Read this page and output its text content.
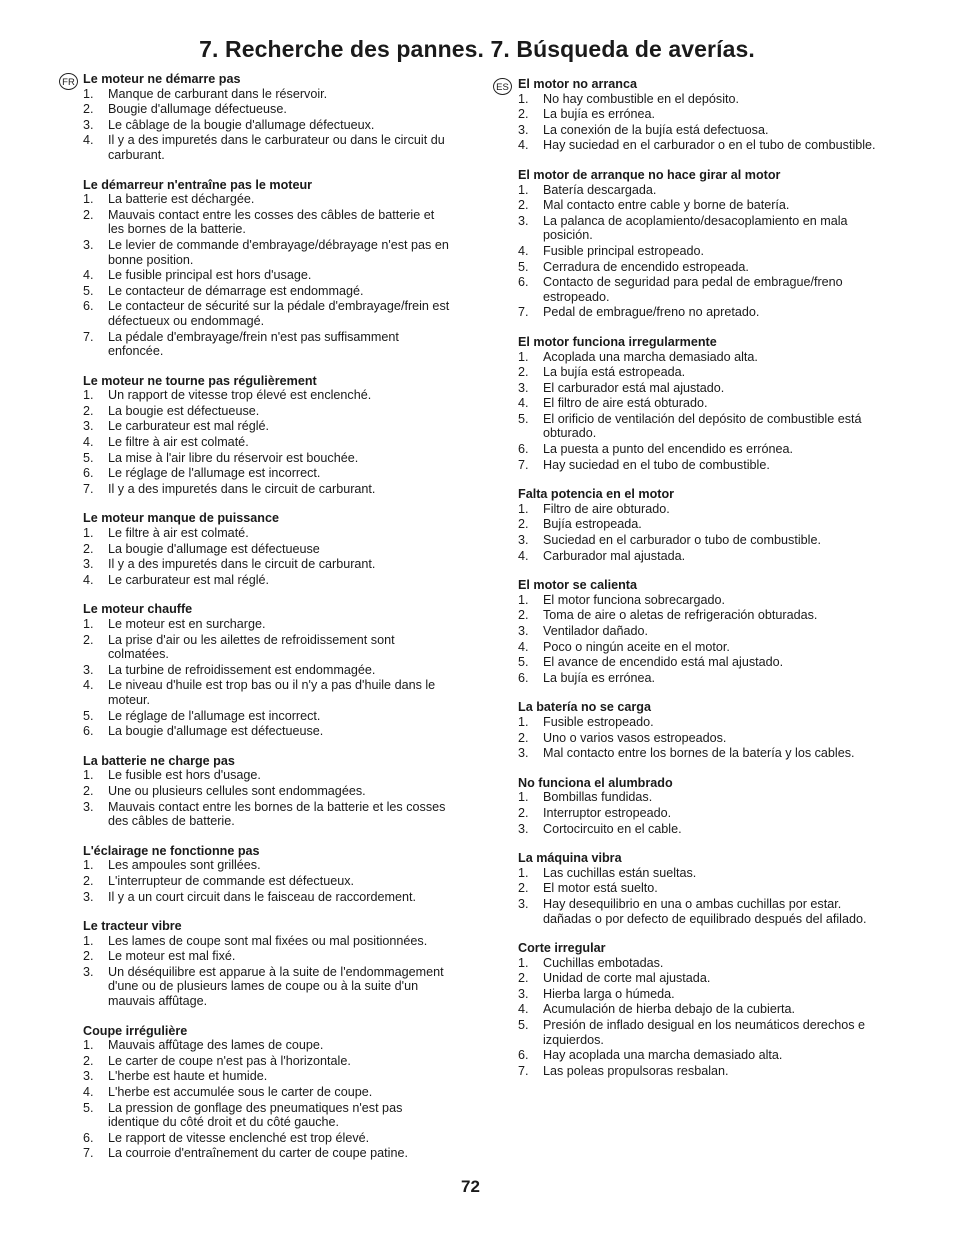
7. Recherche des pannes. 7. Búsqueda de averías.
FR Le moteur ne démarre pas
1.	Manque de carburant dans le réservoir.
2.	Bougie d'allumage défectueuse.
3.	Le câblage de la bougie d'allumage défectueux.
4.	Il y a des impuretés dans le carburateur ou dans le circuit du carburant.
Le démarreur n'entraîne pas le moteur
1.	La batterie est déchargée.
2.	Mauvais contact entre les cosses des câbles de batterie et les bornes de la batterie.
3.	Le levier de commande d'embrayage/débrayage n'est pas en bonne position.
4.	Le fusible principal est hors d'usage.
5.	Le contacteur de démarrage est endommagé.
6.	Le contacteur de sécurité sur la pédale d'embrayage/frein est défectueux ou endommagé.
7.	La pédale d'embrayage/frein n'est pas suffisamment enfoncée.
Le moteur ne tourne pas régulièrement
1.	Un rapport de vitesse trop élevé est enclenché.
2.	La bougie est défectueuse.
3.	Le carburateur est mal réglé.
4.	Le filtre à air est colmaté.
5.	La mise à l'air libre du réservoir est bouchée.
6.	Le réglage de l'allumage est incorrect.
7.	Il y a des impuretés dans le circuit de carburant.
Le moteur manque de puissance
1.	Le filtre à air est colmaté.
2.	La bougie d'allumage est défectueuse
3.	Il y a des impuretés dans le circuit de carburant.
4.	Le carburateur est mal réglé.
Le moteur chauffe
1.	Le moteur est en surcharge.
2.	La prise d'air ou les ailettes de refroidissement sont colmatées.
3.	La turbine de refroidissement est endommagée.
4.	Le niveau d'huile est trop bas ou il n'y a pas d'huile dans le moteur.
5.	Le réglage de l'allumage est incorrect.
6.	La bougie d'allumage est défectueuse.
La batterie ne charge pas
1.	Le fusible est hors d'usage.
2.	Une ou plusieurs cellules sont endommagées.
3.	Mauvais contact entre les bornes de la batterie et les cosses des câbles de batterie.
L'éclairage ne fonctionne pas
1.	Les ampoules sont grillées.
2.	L'interrupteur de commande est défectueux.
3.	Il y a un court circuit dans le faisceau de raccordement.
Le tracteur vibre
1.	Les lames de coupe sont mal fixées ou mal positionnées.
2.	Le moteur est mal fixé.
3.	Un déséquilibre est apparue à la suite de l'endommagement d'une ou de plusieurs lames de coupe ou à la suite d'un mauvais affûtage.
Coupe irrégulière
1.	Mauvais affûtage des lames de coupe.
2.	Le carter de coupe n'est pas à l'horizontale.
3.	L'herbe est haute et humide.
4.	L'herbe est accumulée sous le carter de coupe.
5.	La pression de gonflage des pneumatiques n'est pas identique du côté droit et du côté gauche.
6.	Le rapport de vitesse enclenché est trop élevé.
7.	La courroie d'entraînement du carter de coupe patine.
ES El motor no arranca
1.	No hay combustible en el depósito.
2.	La bujía es errónea.
3.	La conexión de la bujía está defectuosa.
4.	Hay suciedad en el carburador o en el tubo de combustible.
El motor de arranque no hace girar al motor
1.	Batería descargada.
2.	Mal contacto entre cable y borne de batería.
3.	La palanca de acoplamiento/desacoplamiento en mala posición.
4.	Fusible principal estropeado.
5.	Cerradura de encendido estropeada.
6.	Contacto de seguridad para pedal de embrague/freno estropeado.
7.	Pedal de embrague/freno no apretado.
El motor funciona irregularmente
1.	Acoplada una marcha demasiado alta.
2.	La bujía está estropeada.
3.	El carburador está mal ajustado.
4.	El filtro de aire está obturado.
5.	El orificio de ventilación del depósito de combustible está obturado.
6.	La puesta a punto del encendido es errónea.
7.	Hay suciedad en el tubo de combustible.
Falta potencia en el motor
1.	Filtro de aire obturado.
2.	Bujía estropeada.
3.	Suciedad en el carburador o tubo de combustible.
4.	Carburador mal ajustada.
El motor se calienta
1.	El motor funciona sobrecargado.
2.	Toma de aire o aletas de refrigeración obturadas.
3.	Ventilador dañado.
4.	Poco o ningún aceite en el motor.
5.	El avance de encendido está mal ajustado.
6.	La bujía es errónea.
La batería no se carga
1.	Fusible estropeado.
2.	Uno o varios vasos estropeados.
3.	Mal contacto entre los bornes de la batería y los cables.
No funciona el alumbrado
1.	Bombillas fundidas.
2.	Interruptor estropeado.
3.	Cortocircuito en el cable.
La máquina vibra
1.	Las cuchillas están sueltas.
2.	El motor está suelto.
3.	Hay desequilibrio en una o ambas cuchillas por estar. dañadas o por defecto de equilibrado después del afilado.
Corte irregular
1.	Cuchillas embotadas.
2.	Unidad de corte mal ajustada.
3.	Hierba larga o húmeda.
4.	Acumulación de hierba debajo de la cubierta.
5.	Presión de inflado desigual en los neumáticos derechos e izquierdos.
6.	Hay acoplada una marcha demasiado alta.
7.	Las poleas propulsoras resbalan.
72
